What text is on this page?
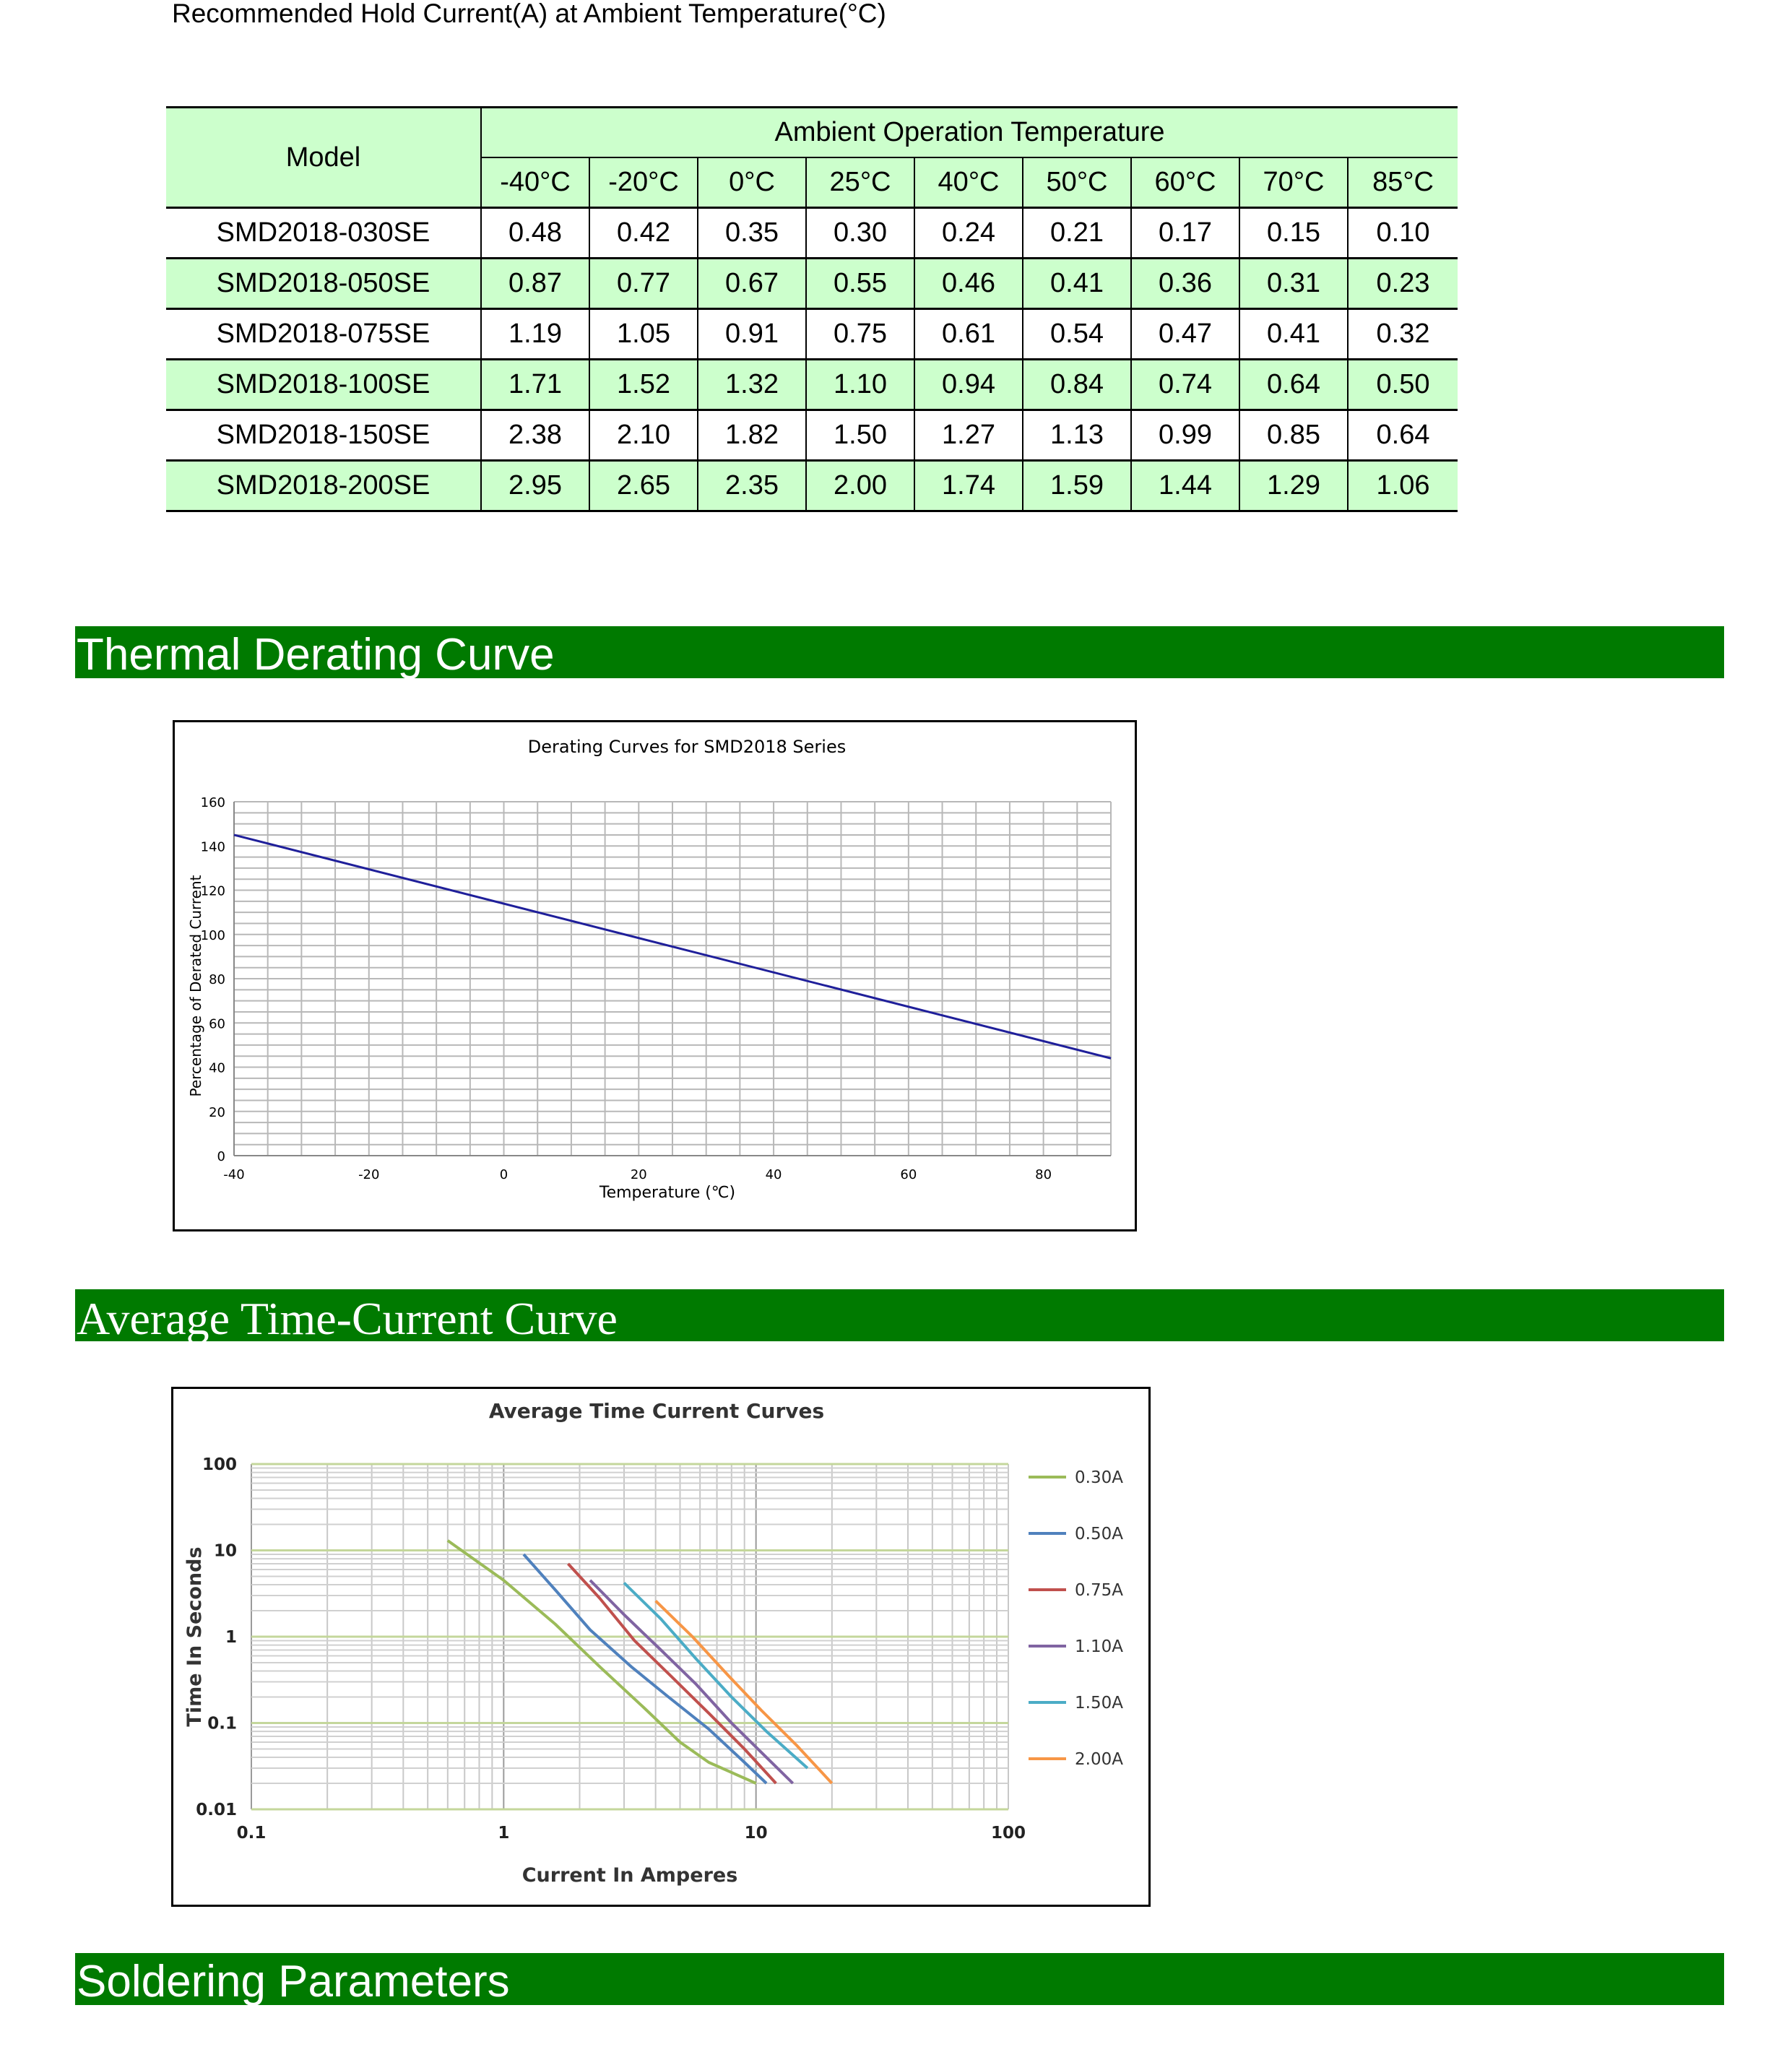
Recommended Hold Current(A) at Ambient Temperature(°C)
Model	Ambient Operation Temperature								
	-40°C	-20°C	0°C	25°C	40°C	50°C	60°C	70°C	85°C
SMD2018-030SE	0.48	0.42	0.35	0.30	0.24	0.21	0.17	0.15	0.10
SMD2018-050SE	0.87	0.77	0.67	0.55	0.46	0.41	0.36	0.31	0.23
SMD2018-075SE	1.19	1.05	0.91	0.75	0.61	0.54	0.47	0.41	0.32
SMD2018-100SE	1.71	1.52	1.32	1.10	0.94	0.84	0.74	0.64	0.50
SMD2018-150SE	2.38	2.10	1.82	1.50	1.27	1.13	0.99	0.85	0.64
SMD2018-200SE	2.95	2.65	2.35	2.00	1.74	1.59	1.44	1.29	1.06
Thermal Derating Curve
0
20
40
60
80
100
120
140
160
-40	-20	0	20	40	60	80
Derating Curves for SMD2018 Series
Temperature (℃)
Percentage of Derated Current
Average Time-Current Curve
0.01
0.1
1
10
100
0.1	1	10	100
Average Time Current Curves
Current In Amperes
Time In Seconds
0.30A
0.50A
0.75A
1.10A
1.50A
2.00A
Soldering Parameters
